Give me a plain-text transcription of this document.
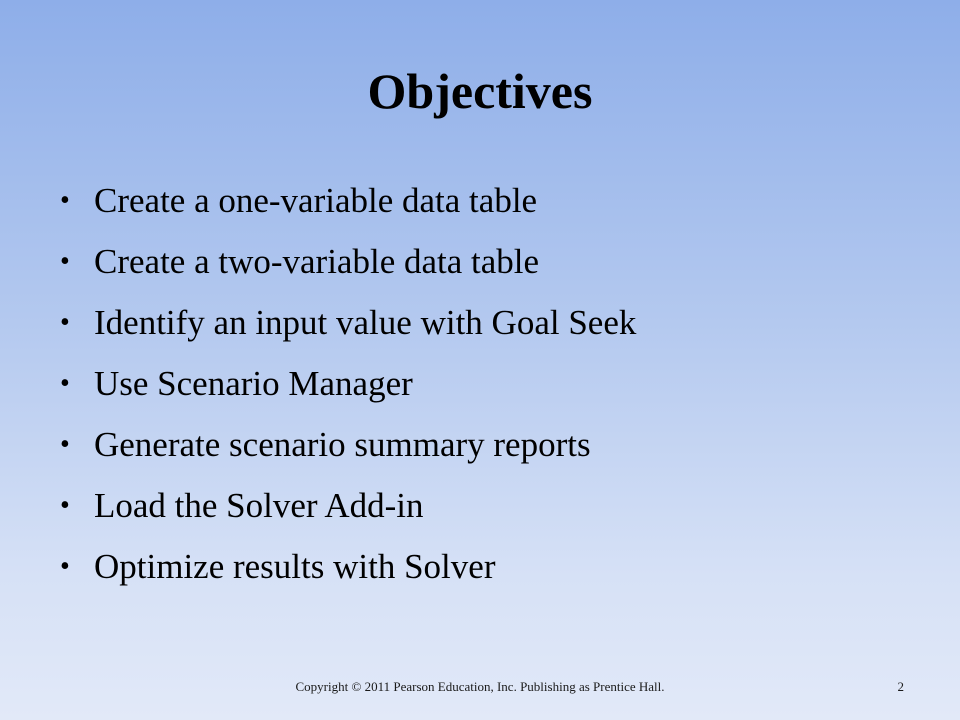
Objectives
• Create a one-variable data table
• Create a two-variable data table
• Identify an input value with Goal Seek
• Use Scenario Manager
• Generate scenario summary reports
• Load the Solver Add-in
• Optimize results with Solver
Copyright © 2011 Pearson Education, Inc. Publishing as Prentice Hall.	2
